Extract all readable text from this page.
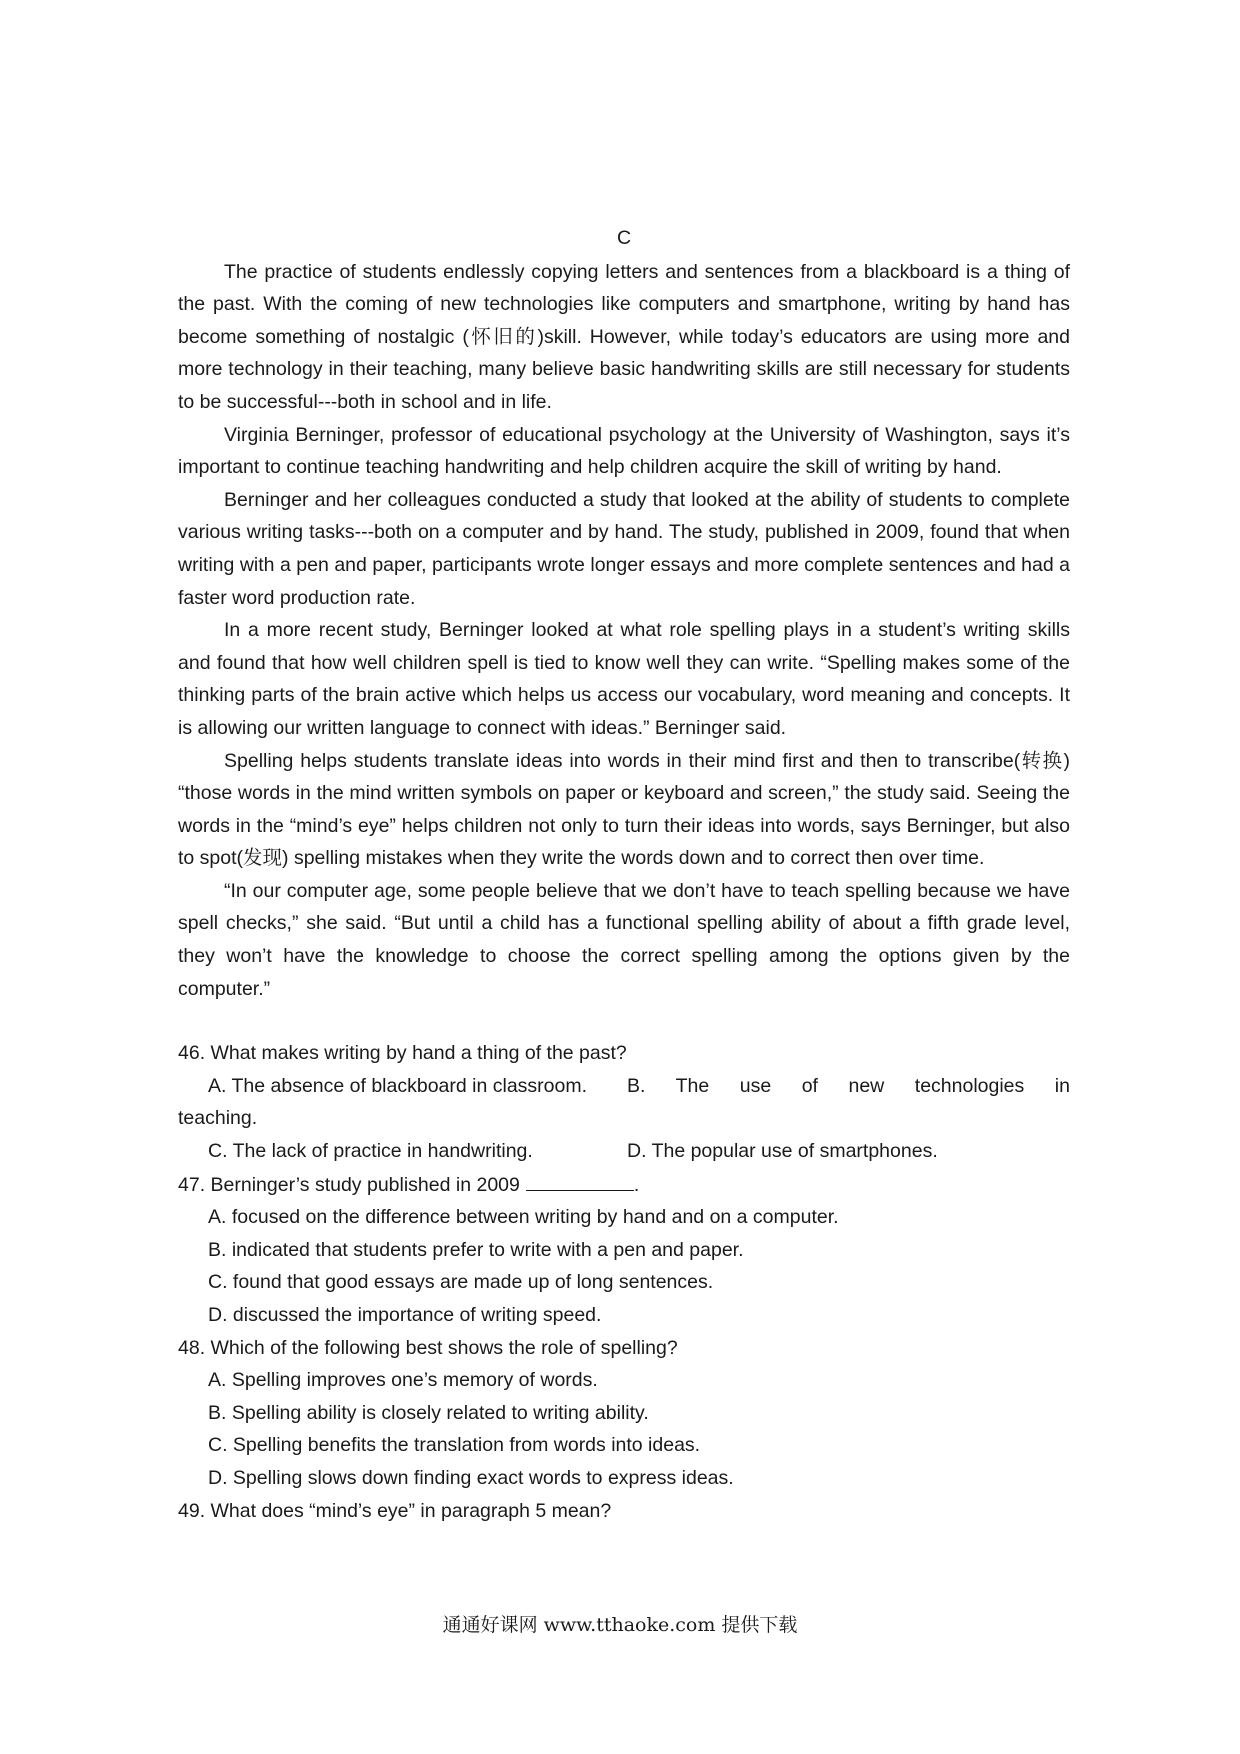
C

The practice of students endlessly copying letters and sentences from a blackboard is a thing of the past. With the coming of new technologies like computers and smartphone, writing by hand has become something of nostalgic (怀旧的)skill. However, while today’s educators are using more and more technology in their teaching, many believe basic handwriting skills are still necessary for students to be successful---both in school and in life.

Virginia Berninger, professor of educational psychology at the University of Washington, says it’s important to continue teaching handwriting and help children acquire the skill of writing by hand.

Berninger and her colleagues conducted a study that looked at the ability of students to complete various writing tasks---both on a computer and by hand. The study, published in 2009, found that when writing with a pen and paper, participants wrote longer essays and more complete sentences and had a faster word production rate.

In a more recent study, Berninger looked at what role spelling plays in a student’s writing skills and found that how well children spell is tied to know well they can write. “Spelling makes some of the thinking parts of the brain active which helps us access our vocabulary, word meaning and concepts. It is allowing our written language to connect with ideas.” Berninger said.

Spelling helps students translate ideas into words in their mind first and then to transcribe(转换) “those words in the mind written symbols on paper or keyboard and screen,” the study said. Seeing the words in the “mind’s eye” helps children not only to turn their ideas into words, says Berninger, but also to spot(发现) spelling mistakes when they write the words down and to correct then over time.

“In our computer age, some people believe that we don’t have to teach spelling because we have spell checks,” she said. “But until a child has a functional spelling ability of about a fifth grade level, they won’t have the knowledge to choose the correct spelling among the options given by the computer.”

46. What makes writing by hand a thing of the past?

A. The absence of blackboard in classroom.	B. The use of new technologies in
teaching.
C. The lack of practice in handwriting.	D. The popular use of smartphones.

47. Berninger’s study published in 2009	.

A. focused on the difference between writing by hand and on a computer.

B. indicated that students prefer to write with a pen and paper.

C. found that good essays are made up of long sentences.

D. discussed the importance of writing speed.

48. Which of the following best shows the role of spelling?

A. Spelling improves one’s memory of words.

B. Spelling ability is closely related to writing ability.

C. Spelling benefits the translation from words into ideas.

D. Spelling slows down finding exact words to express ideas.

49. What does “mind’s eye” in paragraph 5 mean?

通通好课网 www.tthaoke.com 提供下载
